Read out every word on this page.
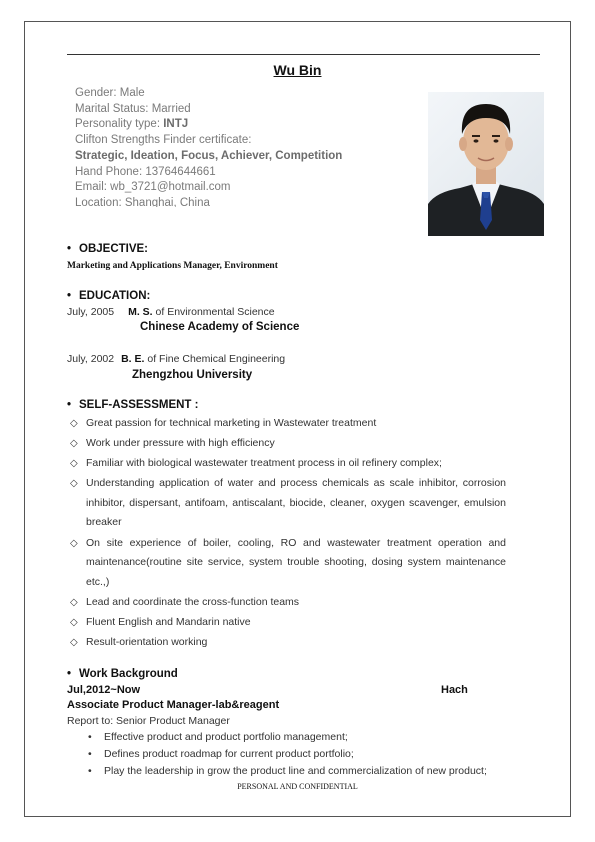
Wu Bin
Gender: Male
Marital Status: Married
Personality type: INTJ
Clifton Strengths Finder certificate:
Strategic, Ideation, Focus, Achiever, Competition
Hand Phone: 13764644661
Email: wb_3721@hotmail.com
Location: Shanghai, China
• OBJECTIVE:
Marketing and Applications Manager, Environment
• EDUCATION:
July, 2005 M. S. of Environmental Science
Chinese Academy of Science
July, 2002 B. E. of Fine Chemical Engineering
Zhengzhou University
• SELF-ASSESSMENT :
◇ Great passion for technical marketing in Wastewater treatment
◇ Work under pressure with high efficiency
◇ Familiar with biological wastewater treatment process in oil refinery complex;
◇ Understanding application of water and process chemicals as scale inhibitor, corrosion inhibitor, dispersant, antifoam, antiscalant, biocide, cleaner, oxygen scavenger, emulsion breaker
◇ On site experience of boiler, cooling, RO and wastewater treatment operation and maintenance(routine site service, system trouble shooting, dosing system maintenance etc.,)
◇ Lead and coordinate the cross-function teams
◇ Fluent English and Mandarin native
◇ Result-orientation working
• Work Background
Jul,2012~Now	Hach
Associate Product Manager-lab&reagent
Report to: Senior Product Manager
• Effective product and product portfolio management;
• Defines product roadmap for current product portfolio;
• Play the leadership in grow the product line and commercialization of new product;
PERSONAL AND CONFIDENTIAL
